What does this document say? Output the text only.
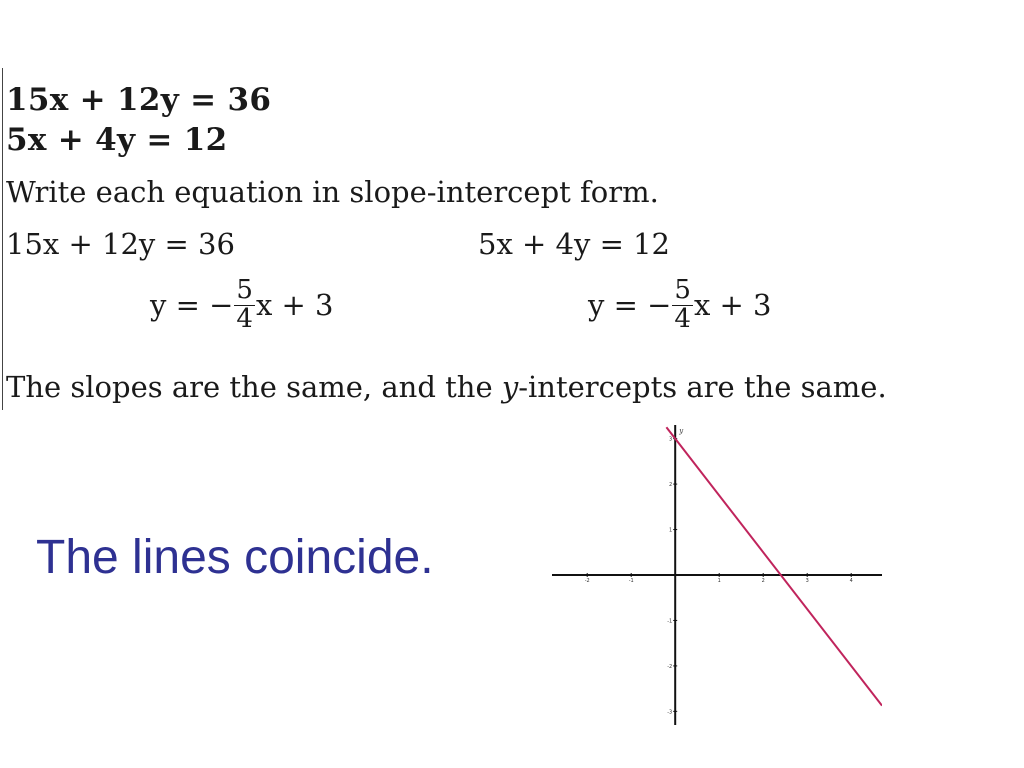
15x + 12y = 36
5x + 4y = 12
Write each equation in slope-intercept form.
15x + 12y = 36	5x + 4y = 12
y = − $\frac{5}{4}$ x + 3	y = − $\frac{5}{4}$ x + 3
The slopes are the same, and the y-intercepts are the same.
The lines coincide.
y
-2	-1	1	2	3	4
-3
-2
-1
1
2
3
